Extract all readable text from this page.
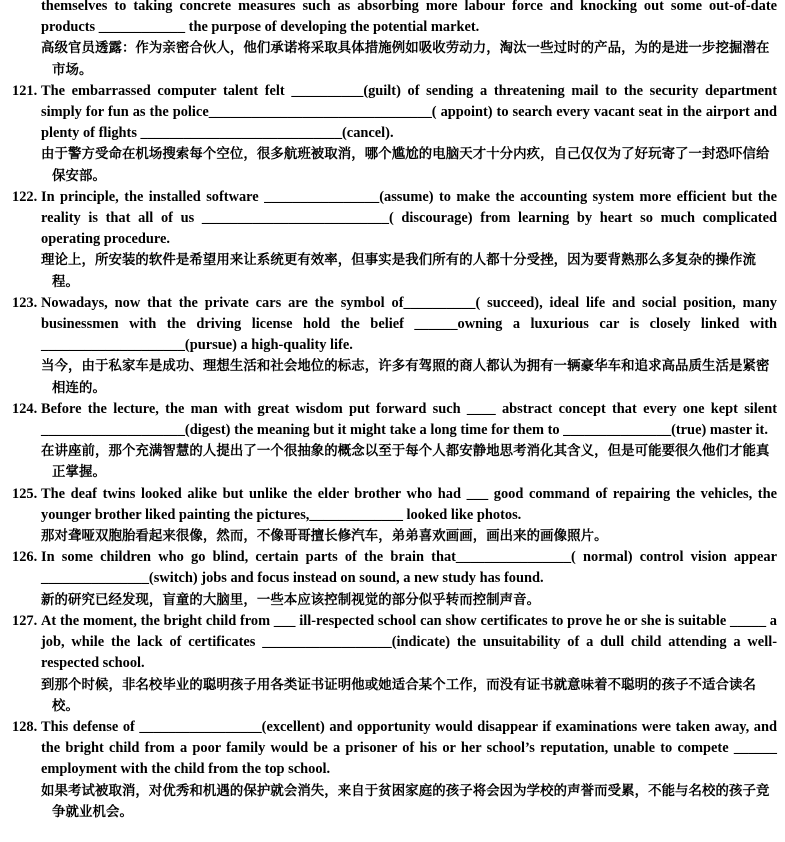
themselves to taking concrete measures such as absorbing more labour force and knocking out some out-of-date products ____________ the purpose of developing the potential market.

高级官员透露：作为亲密合伙人，他们承诺将采取具体措施例如吸收劳动力，淘汰一些过时的产品，为的是进一步挖掘潜在市场。

121. The embarrassed computer talent felt __________(guilt) of sending a threatening mail to the security department simply for fun as the police_______________________________( appoint) to search every vacant seat in the airport and plenty of flights ____________________________(cancel).

由于警方受命在机场搜索每个空位，很多航班被取消，哪个尴尬的电脑天才十分内疚，自己仅仅为了好玩寄了一封恐吓信给保安部。

122. In principle, the installed software ________________(assume) to make the accounting system more efficient but the reality is that all of us __________________________( discourage) from learning by heart so much complicated operating procedure.

理论上，所安装的软件是希望用来让系统更有效率，但事实是我们所有的人都十分受挫，因为要背熟那么多复杂的操作流程。

123. Nowadays, now that the private cars are the symbol of__________( succeed), ideal life and social position, many businessmen with the driving license hold the belief ______owning a luxurious car is closely linked with ____________________(pursue) a high-quality life.

当今，由于私家车是成功、理想生活和社会地位的标志，许多有驾照的商人都认为拥有一辆豪华车和追求高品质生活是紧密相连的。

124. Before the lecture, the man with great wisdom put forward such ____ abstract concept that every one kept silent ____________________(digest) the meaning but it might take a long time for them to _______________(true) master it.

在讲座前，那个充满智慧的人提出了一个很抽象的概念以至于每个人都安静地思考消化其含义，但是可能要很久他们才能真正掌握。

125. The deaf twins looked alike but unlike the elder brother who had ___ good command of repairing the vehicles, the younger brother liked painting the pictures,_____________ looked like photos.

那对聋哑双胞胎看起来很像，然而，不像哥哥擅长修汽车，弟弟喜欢画画，画出来的画像照片。

126. In some children who go blind, certain parts of the brain that________________( normal) control vision appear _______________(switch) jobs and focus instead on sound, a new study has found.

新的研究已经发现，盲童的大脑里，一些本应该控制视觉的部分似乎转而控制声音。

127. At the moment, the bright child from ___ ill-respected school can show certificates to prove he or she is suitable _____ a job, while the lack of certificates __________________(indicate) the unsuitability of a dull child attending a well-respected school.

到那个时候，非名校毕业的聪明孩子用各类证书证明他或她适合某个工作，而没有证书就意味着不聪明的孩子不适合读名校。

128. This defense of _________________(excellent) and opportunity would disappear if examinations were taken away, and the bright child from a poor family would be a prisoner of his or her school’s reputation, unable to compete ______ employment with the child from the top school.

如果考试被取消，对优秀和机遇的保护就会消失，来自于贫困家庭的孩子将会因为学校的声誉而受累，不能与名校的孩子竞争就业机会。
